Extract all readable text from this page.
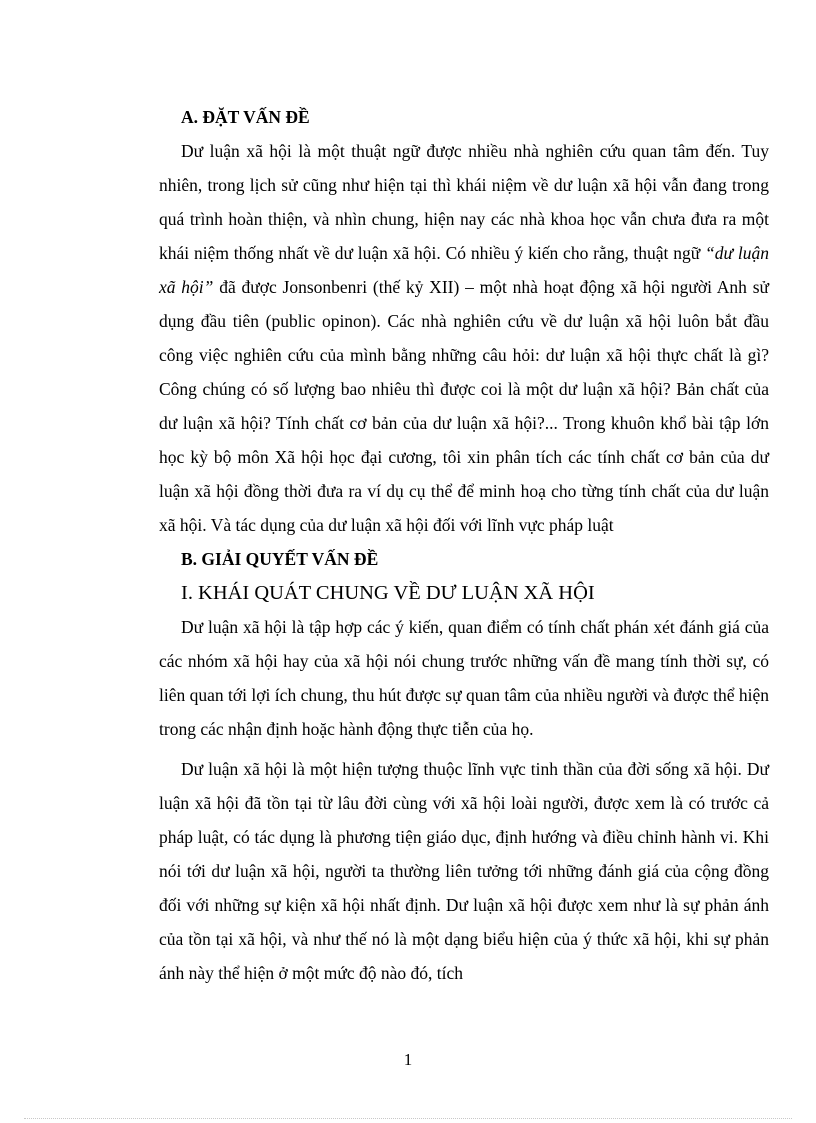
A. ĐẶT VẤN ĐỀ

Dư luận xã hội là một thuật ngữ được nhiều nhà nghiên cứu quan tâm đến. Tuy nhiên, trong lịch sử cũng như hiện tại thì khái niệm về dư luận xã hội vẫn đang trong quá trình hoàn thiện, và nhìn chung, hiện nay các nhà khoa học vẫn chưa đưa ra một khái niệm thống nhất về dư luận xã hội. Có nhiều ý kiến cho rằng, thuật ngữ “dư luận xã hội” đã được Jonsonbenri (thế kỷ XII) – một nhà hoạt động xã hội người Anh sử dụng đầu tiên (public opinon). Các nhà nghiên cứu về dư luận xã hội luôn bắt đầu công việc nghiên cứu của mình bằng những câu hỏi: dư luận xã hội thực chất là gì? Công chúng có số lượng bao nhiêu thì được coi là một dư luận xã hội? Bản chất của dư luận xã hội? Tính chất cơ bản của dư luận xã hội?... Trong khuôn khổ bài tập lớn học kỳ bộ môn Xã hội học đại cương, tôi xin phân tích các tính chất cơ bản của dư luận xã hội đồng thời đưa ra ví dụ cụ thể để minh hoạ cho từng tính chất của dư luận xã hội. Và tác dụng của dư luận xã hội đối với lĩnh vực pháp luật

B. GIẢI QUYẾT VẤN ĐỀ
I. KHÁI QUÁT CHUNG VỀ DƯ LUẬN XÃ HỘI

Dư luận xã hội là tập hợp các ý kiến, quan điểm có tính chất phán xét đánh giá của các nhóm xã hội hay của xã hội nói chung trước những vấn đề mang tính thời sự, có liên quan tới lợi ích chung, thu hút được sự quan tâm của nhiều người và được thể hiện trong các nhận định hoặc hành động thực tiễn của họ.

Dư luận xã hội là một hiện tượng thuộc lĩnh vực tinh thần của đời sống xã hội. Dư luận xã hội đã tồn tại từ lâu đời cùng với xã hội loài người, được xem là có trước cả pháp luật, có tác dụng là phương tiện giáo dục, định hướng và điều chỉnh hành vi. Khi nói tới dư luận xã hội, người ta thường liên tưởng tới những đánh giá của cộng đồng đối với những sự kiện xã hội nhất định. Dư luận xã hội được xem như là sự phản ánh của tồn tại xã hội, và như thế nó là một dạng biểu hiện của ý thức xã hội, khi sự phản ánh này thể hiện ở một mức độ nào đó, tích

1
